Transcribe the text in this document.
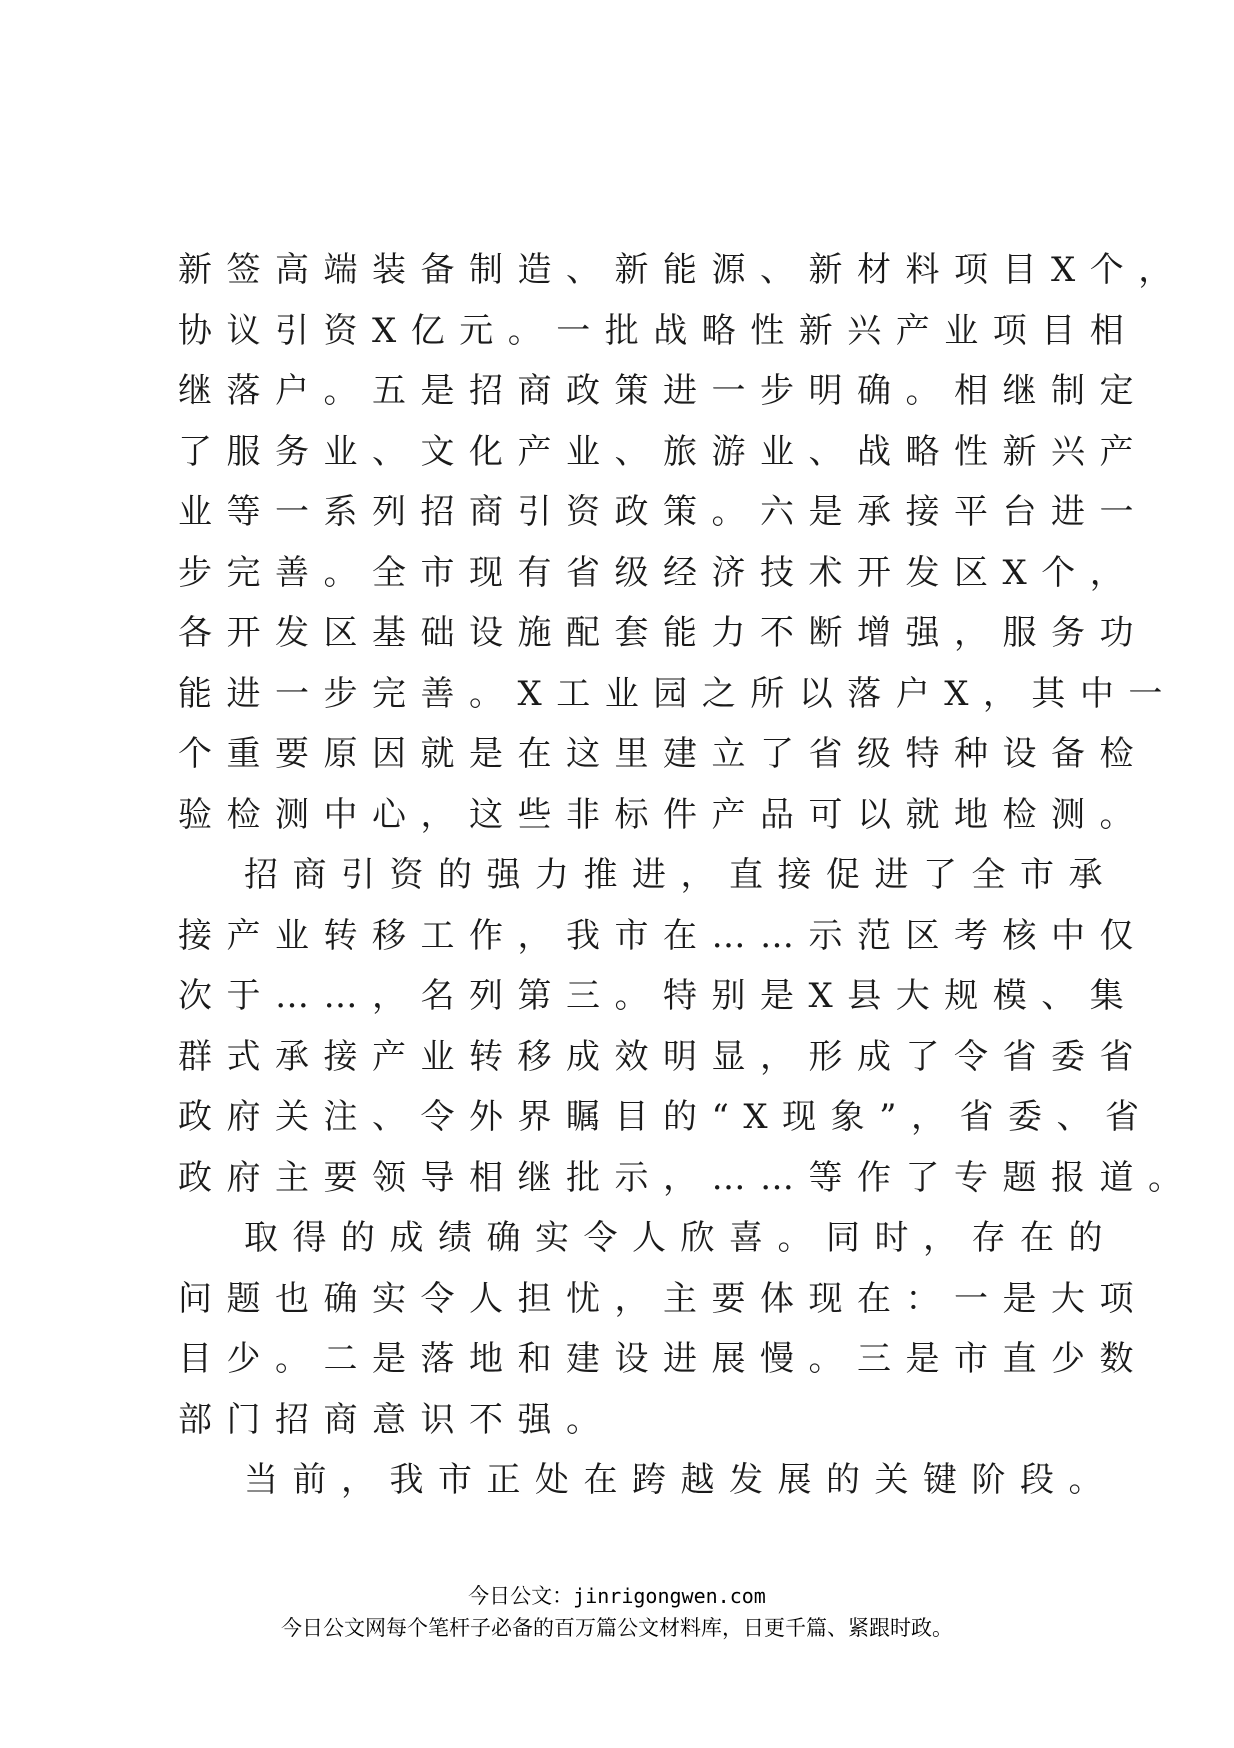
新签高端装备制造、新能源、新材料项目X个，
协议引资X亿元。一批战略性新兴产业项目相
继落户。五是招商政策进一步明确。相继制定
了服务业、文化产业、旅游业、战略性新兴产
业等一系列招商引资政策。六是承接平台进一
步完善。全市现有省级经济技术开发区X个，
各开发区基础设施配套能力不断增强，服务功
能进一步完善。X工业园之所以落户X，其中一
个重要原因就是在这里建立了省级特种设备检
验检测中心，这些非标件产品可以就地检测。
招商引资的强力推进，直接促进了全市承
接产业转移工作，我市在……示范区考核中仅
次于……，名列第三。特别是X县大规模、集
群式承接产业转移成效明显，形成了令省委省
政府关注、令外界瞩目的“X现象”，省委、省
政府主要领导相继批示，……等作了专题报道。
取得的成绩确实令人欣喜。同时，存在的
问题也确实令人担忧，主要体现在：一是大项
目少。二是落地和建设进展慢。三是市直少数
部门招商意识不强。
当前，我市正处在跨越发展的关键阶段。
今日公文：jinrigongwen.com
今日公文网每个笔杆子必备的百万篇公文材料库，日更千篇、紧跟时政。
